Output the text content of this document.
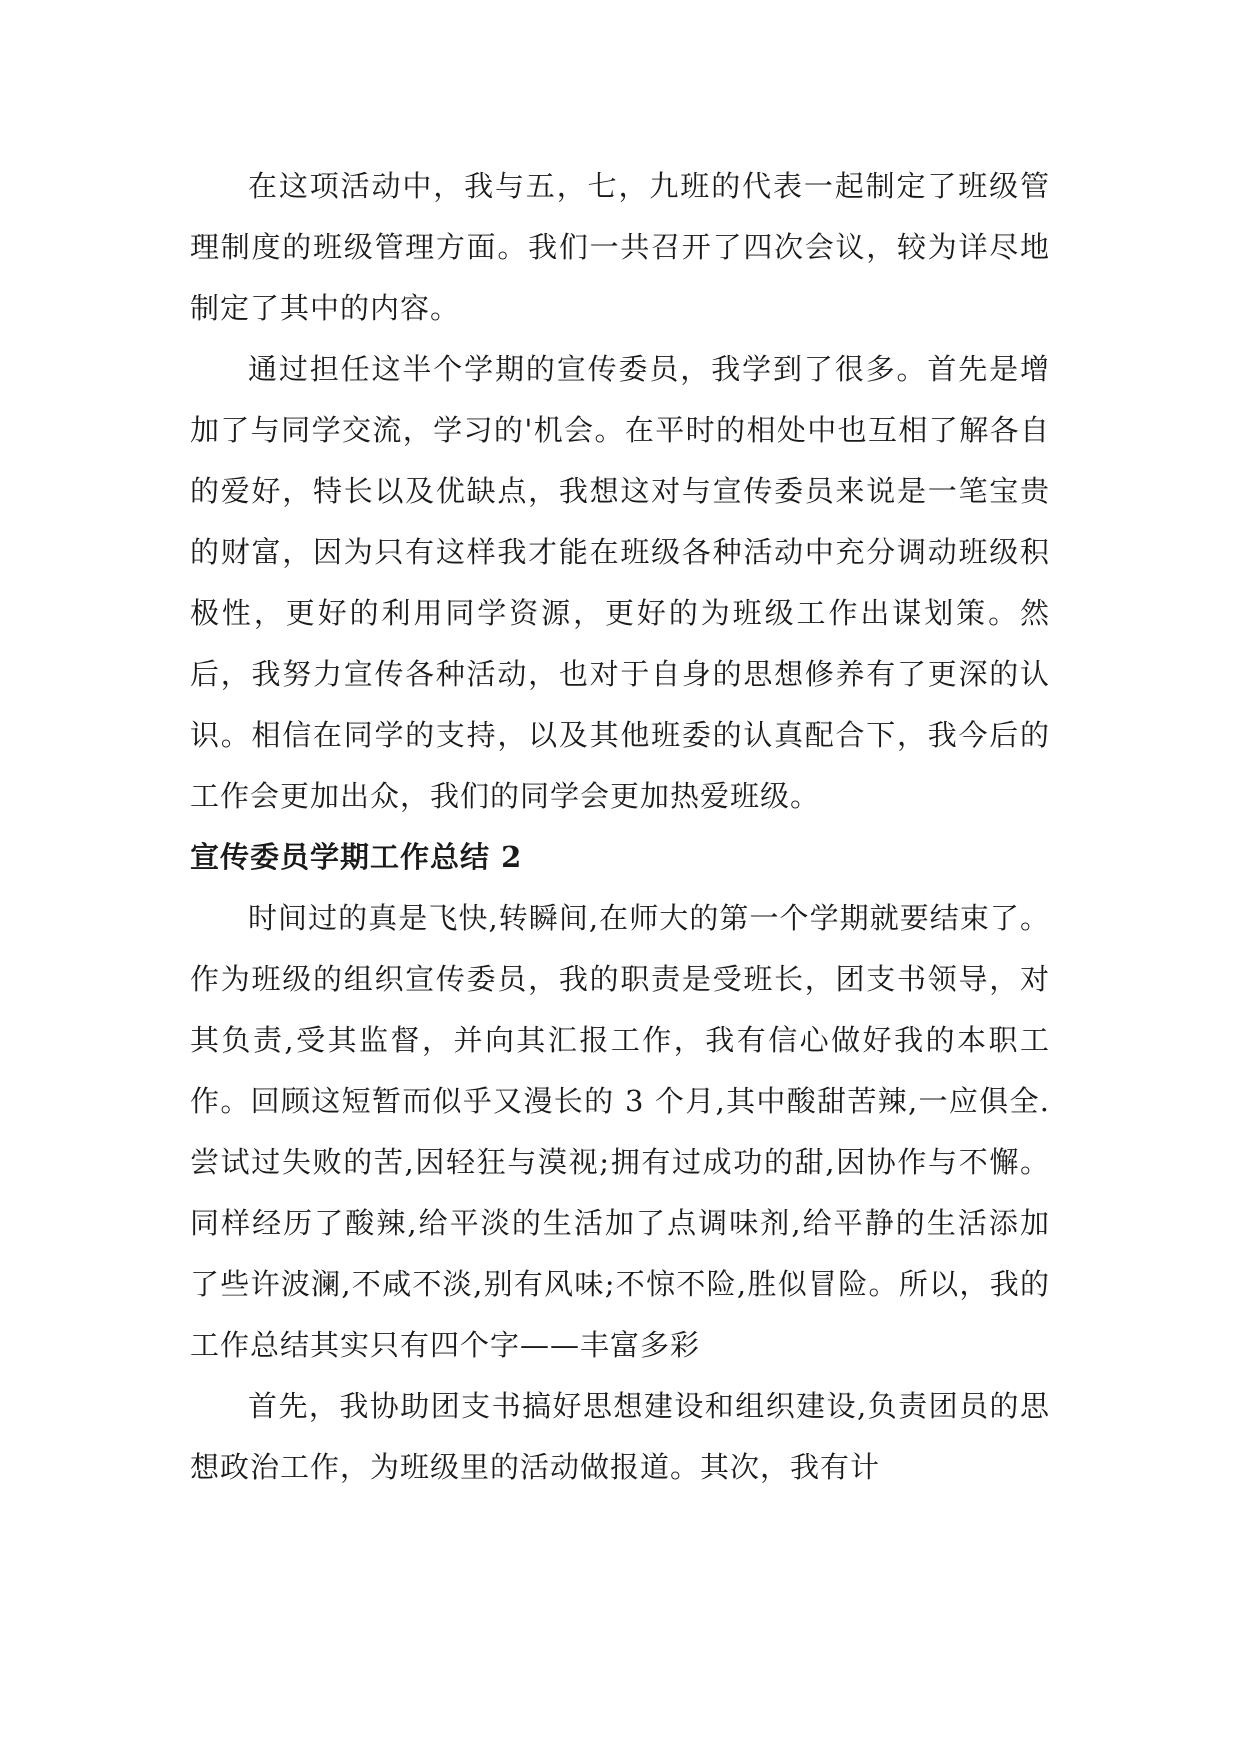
在这项活动中，我与五，七，九班的代表一起制定了班级管理制度的班级管理方面。我们一共召开了四次会议，较为详尽地制定了其中的内容。

通过担任这半个学期的宣传委员，我学到了很多。首先是增加了与同学交流，学习的'机会。在平时的相处中也互相了解各自的爱好，特长以及优缺点，我想这对与宣传委员来说是一笔宝贵的财富，因为只有这样我才能在班级各种活动中充分调动班级积极性，更好的利用同学资源，更好的为班级工作出谋划策。然后，我努力宣传各种活动，也对于自身的思想修养有了更深的认识。相信在同学的支持，以及其他班委的认真配合下，我今后的工作会更加出众，我们的同学会更加热爱班级。

宣传委员学期工作总结 2

时间过的真是飞快,转瞬间,在师大的第一个学期就要结束了。 作为班级的组织宣传委员，我的职责是受班长，团支书领导，对其负责,受其监督，并向其汇报工作，我有信心做好我的本职工作。回顾这短暂而似乎又漫长的 3 个月,其中酸甜苦辣,一应俱全.尝试过失败的苦,因轻狂与漠视;拥有过成功的甜,因协作与不懈。同样经历了酸辣,给平淡的生活加了点调味剂,给平静的生活添加了些许波澜,不咸不淡,别有风味;不惊不险,胜似冒险。所以，我的工作总结其实只有四个字——丰富多彩

首先，我协助团支书搞好思想建设和组织建设,负责团员的思想政治工作，为班级里的活动做报道。其次，我有计
